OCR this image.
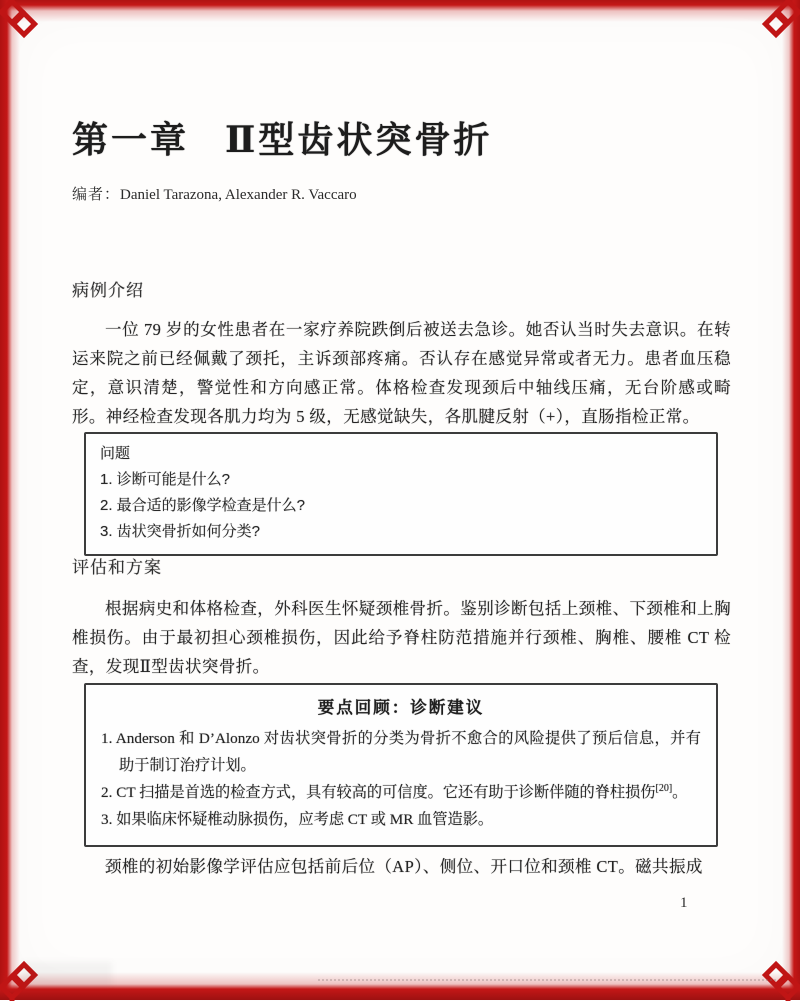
第一章 Ⅱ型齿状突骨折
编者：Daniel Tarazona, Alexander R. Vaccaro
病例介绍
一位 79 岁的女性患者在一家疗养院跌倒后被送去急诊。她否认当时失去意识。在转运来院之前已经佩戴了颈托，主诉颈部疼痛。否认存在感觉异常或者无力。患者血压稳定，意识清楚，警觉性和方向感正常。体格检查发现颈后中轴线压痛，无台阶感或畸形。神经检查发现各肌力均为 5 级，无感觉缺失，各肌腱反射（+），直肠指检正常。
问题
1. 诊断可能是什么?
2. 最合适的影像学检查是什么?
3. 齿状突骨折如何分类?
评估和方案
根据病史和体格检查，外科医生怀疑颈椎骨折。鉴别诊断包括上颈椎、下颈椎和上胸椎损伤。由于最初担心颈椎损伤，因此给予脊柱防范措施并行颈椎、胸椎、腰椎 CT 检查，发现Ⅱ型齿状突骨折。
要点回顾：诊断建议
1. Anderson 和 D’Alonzo 对齿状突骨折的分类为骨折不愈合的风险提供了预后信息，并有助于制订治疗计划。
2. CT 扫描是首选的检查方式，具有较高的可信度。它还有助于诊断伴随的脊柱损伤[20]。
3. 如果临床怀疑椎动脉损伤，应考虑 CT 或 MR 血管造影。
颈椎的初始影像学评估应包括前后位（AP）、侧位、开口位和颈椎 CT。磁共振成
1
